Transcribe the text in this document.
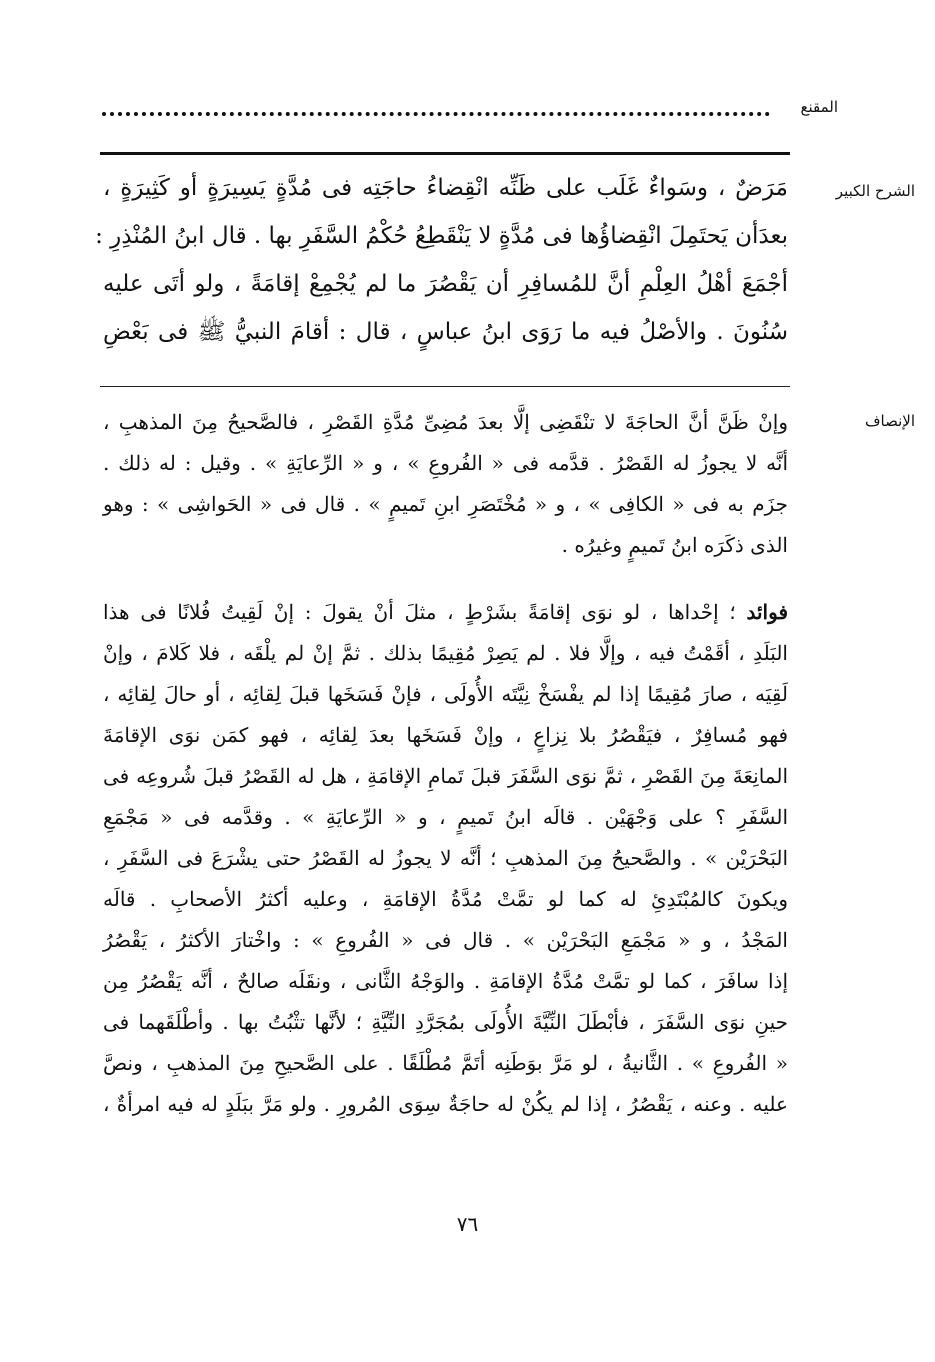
المقنع
الشرح الكبير
مَرَضٌ ، وسَواءٌ غَلَب على ظَنِّه انْقِضاءُ حاجَتِه فى مُدَّةٍ يَسِيرَةٍ أو كَثِيرَةٍ ،
بعدَأن يَحتَمِلَ انْقِضاؤُها فى مُدَّةٍ لا يَنْقَطِعُ حُكْمُ السَّفَرِ بها . قال ابنُ المُنْذِرِ :
أجْمَعَ أهْلُ العِلْمِ أنَّ للمُسافِرِ أن يَقْصُرَ ما لم يُجْمِعْ إقامَةً ، ولو أتَى عليه
سُنُونَ . والأصْلُ فيه ما رَوَى ابنُ عباسٍ ، قال : أقامَ النبيُّ ﷺ فى بَعْضِ
الإنصاف
وإنْ ظَنَّ أنَّ الحاجَةَ لا تنْقَضِى إلَّا بعدَ مُضِىِّ مُدَّةِ القَصْرِ ، فالصَّحيحُ مِنَ المذهبِ ،
أنَّه لا يجوزُ له القَصْرُ . قدَّمه فى « الفُروعِ » ، و « الرِّعايَةِ » . وقيل : له ذلك .
جزَم به فى « الكافِى » ، و « مُخْتَصَرِ ابنِ تَميمٍ » . قال فى « الحَواشِى » : وهو
الذى ذكَرَه ابنُ تَميمٍ وغيرُه .
فوائد ؛ إحْداها ، لو نوَى إقامَةً بشَرْطٍ ، مثلَ أنْ يقولَ : إنْ لَقِيتُ فُلانًا فى هذا
البَلَدِ ، أقَمْتُ فيه ، وإلَّا فلا . لم يَصِرْ مُقِيمًا بذلك . ثمَّ إنْ لم يلْقَه ، فلا كَلامَ ، وإنْ
لَقِيَه ، صارَ مُقِيمًا إذا لم يفْسَخْ نِيَّتَه الأُولَى ، فإنْ فَسَخَها قبلَ لِقائِه ، أو حالَ لِقائِه ،
فهو مُسافِرٌ ، فيَقْصُرُ بلا نِزاعٍ ، وإنْ فَسَخَها بعدَ لِقائِه ، فهو كمَن نوَى الإقامَةَ
المانِعَةَ مِنَ القَصْرِ ، ثمَّ نوَى السَّفَرَ قبلَ تَمامِ الإقامَةِ ، هل له القَصْرُ قبلَ شُروعِه فى
السَّفَرِ ؟ على وَجْهَيْن . قالَه ابنُ تَميمٍ ، و « الرِّعايَةِ » . وقدَّمه فى « مَجْمَعِ
البَحْرَيْن » . والصَّحيحُ مِنَ المذهبِ ؛ أنَّه لا يجوزُ له القَصْرُ حتى يشْرَعَ فى السَّفَرِ ،
ويكونَ كالمُبْتَدِئِ له كما لو تمَّتْ مُدَّةُ الإقامَةِ ، وعليه أكثرُ الأصحابِ . قالَه
المَجْدُ ، و « مَجْمَعِ البَحْرَيْن » . قال فى « الفُروعِ » : واخْتارَ الأكثرُ ، يَقْصُرُ
إذا سافَرَ ، كما لو تمَّتْ مُدَّةُ الإقامَةِ . والوَجْهُ الثَّانى ، ونقَلَه صالحٌ ، أنَّه يَقْصُرُ مِن
حينِ نوَى السَّفَرَ ، فأبْطَلَ النِّيَّةَ الأُولَى بمُجَرَّدِ النِّيَّةِ ؛ لأنَّها تثْبُتُ بها . وأطْلَقَهما فى
« الفُروعِ » . الثَّانيةُ ، لو مَرَّ بوَطَنِه أتَمَّ مُطْلَقًا . على الصَّحيحِ مِنَ المذهبِ ، ونصَّ
عليه . وعنه ، يَقْصُرُ ، إذا لم يكُنْ له حاجَةٌ سِوَى المُرورِ . ولو مَرَّ ببَلَدٍ له فيه امرأةٌ ،
٧٦
